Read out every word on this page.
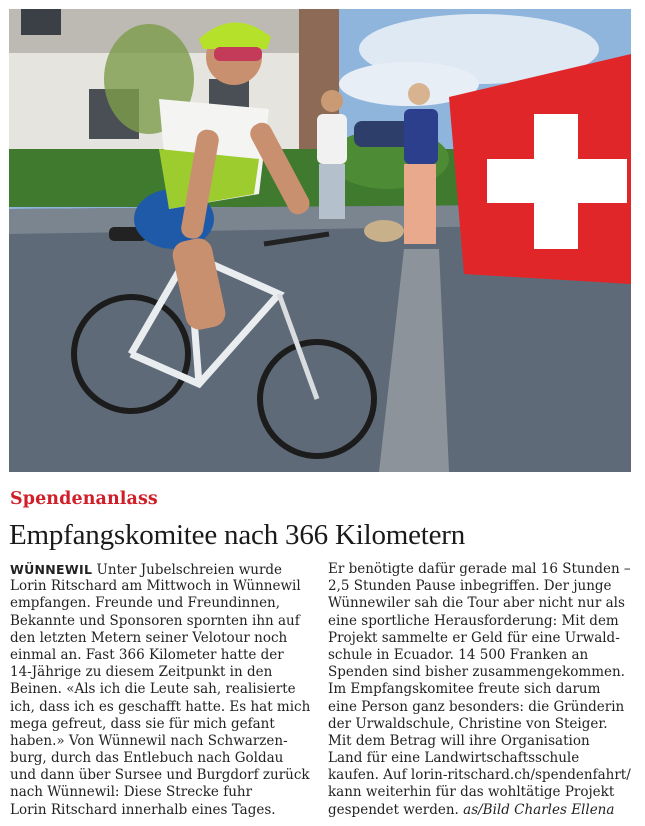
Spendenanlass
Empfangskomitee nach 366 Kilometern
WÜNNEWIL Unter Jubelschreien wurde
Lorin Ritschard am Mittwoch in Wünnewil
empfangen. Freunde und Freundinnen,
Bekannte und Sponsoren spornten ihn auf
den letzten Metern seiner Velotour noch
einmal an. Fast 366 Kilometer hatte der
14-Jährige zu diesem Zeitpunkt in den
Beinen. «Als ich die Leute sah, realisierte
ich, dass ich es geschafft hatte. Es hat mich
mega gefreut, dass sie für mich gefant
haben.» Von Wünnewil nach Schwarzen-
burg, durch das Entlebuch nach Goldau
und dann über Sursee und Burgdorf zurück
nach Wünnewil: Diese Strecke fuhr
Lorin Ritschard innerhalb eines Tages.
Er benötigte dafür gerade mal 16 Stunden –
2,5 Stunden Pause inbegriffen. Der junge
Wünnewiler sah die Tour aber nicht nur als
eine sportliche Herausforderung: Mit dem
Projekt sammelte er Geld für eine Urwald-
schule in Ecuador. 14 500 Franken an
Spenden sind bisher zusammengekommen.
Im Empfangskomitee freute sich darum
eine Person ganz besonders: die Gründerin
der Urwaldschule, Christine von Steiger.
Mit dem Betrag will ihre Organisation
Land für eine Landwirtschaftsschule
kaufen. Auf lorin-ritschard.ch/spendenfahrt/
kann weiterhin für das wohltätige Projekt
gespendet werden. as/Bild Charles Ellena
